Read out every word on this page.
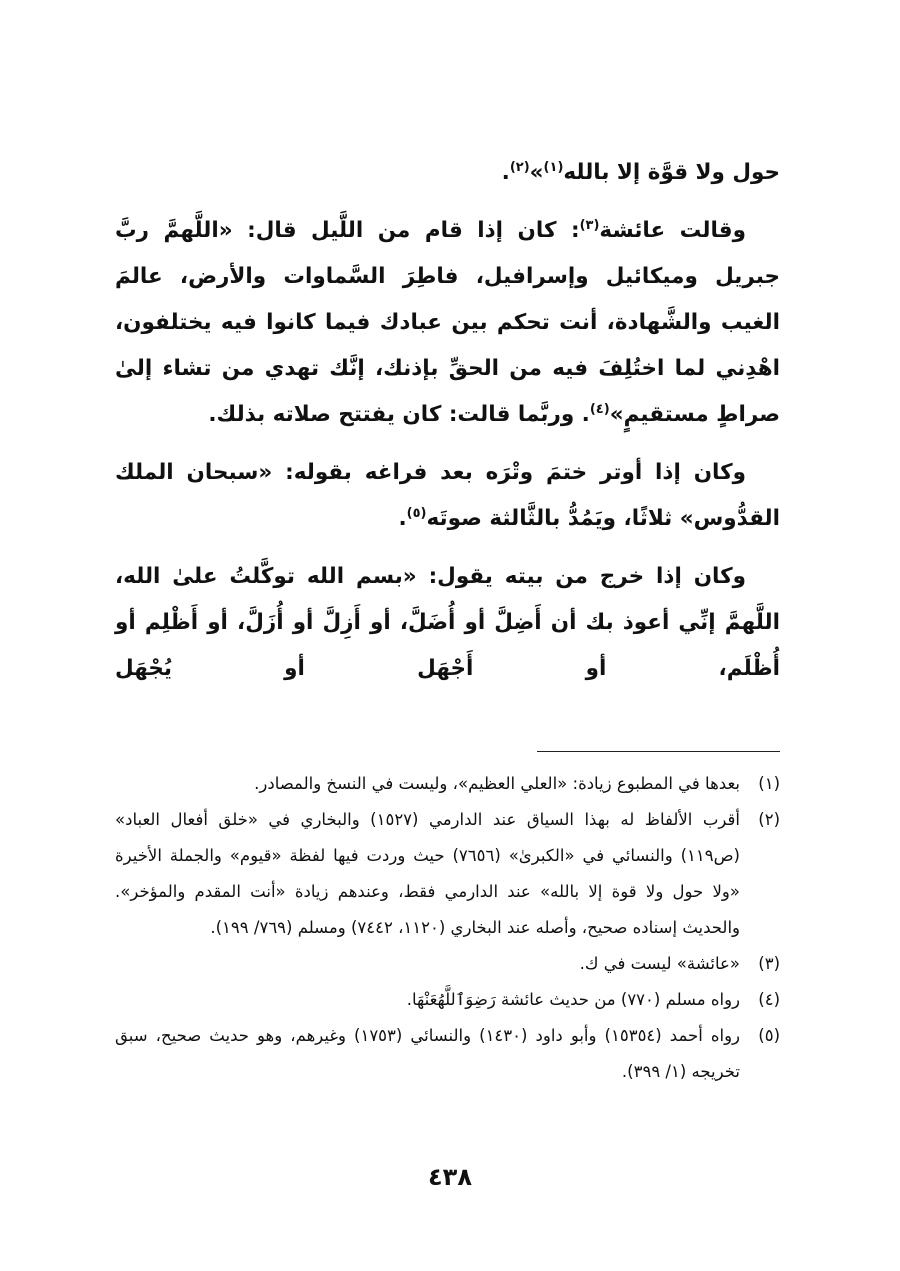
حول ولا قوَّة إلا بالله$^{(١)}$»$^{(٢)}$.

وقالت عائشة$^{(٣)}$: كان إذا قام من اللَّيل قال: «اللَّهمَّ ربَّ جبريل وميكائيل وإسرافيل، فاطِرَ السَّماوات والأرض، عالمَ الغيب والشَّهادة، أنت تحكم بين عبادك فيما كانوا فيه يختلفون، اهْدِني لما اختُلِفَ فيه من الحقِّ بإذنك، إنَّك تهدي من تشاء إلىٰ صراطٍ مستقيمٍ»$^{(٤)}$. وربَّما قالت: كان يفتتح صلاته بذلك.

وكان إذا أوتر ختمَ وتْرَه بعد فراغه بقوله: «سبحان الملك القدُّوس» ثلاثًا، ويَمُدُّ بالثَّالثة صوتَه$^{(٥)}$.

وكان إذا خرج من بيته يقول: «بسم الله توكَّلتُ علىٰ الله، اللَّهمَّ إنِّي أعوذ بك أن أَضِلَّ أو أُضَلَّ، أو أَزِلَّ أو أُزَلَّ، أو أَظْلِم أو أُظْلَم، أو أَجْهَل أو يُجْهَل

(١)
بعدها في المطبوع زيادة: «العلي العظيم»، وليست في النسخ والمصادر.
(٢)
أقرب الألفاظ له بهذا السياق عند الدارمي (١٥٢٧) والبخاري في «خلق أفعال العباد» (ص١١٩) والنسائي في «الكبرىٰ» (٧٦٥٦) حيث وردت فيها لفظة «قيوم» والجملة الأخيرة «ولا حول ولا قوة إلا بالله» عند الدارمي فقط، وعندهم زيادة «أنت المقدم والمؤخر». والحديث إسناده صحيح، وأصله عند البخاري (١١٢٠، ٧٤٤٢) ومسلم (٧٦٩/ ١٩٩).
(٣)
«عائشة» ليست في ك.
(٤)
رواه مسلم (٧٧٠) من حديث عائشة رَضِوَٱللَّهُعَنْهَا.
(٥)
رواه أحمد (١٥٣٥٤) وأبو داود (١٤٣٠) والنسائي (١٧٥٣) وغيرهم، وهو حديث صحيح، سبق تخريجه (١/ ٣٩٩).
٤٣٨
